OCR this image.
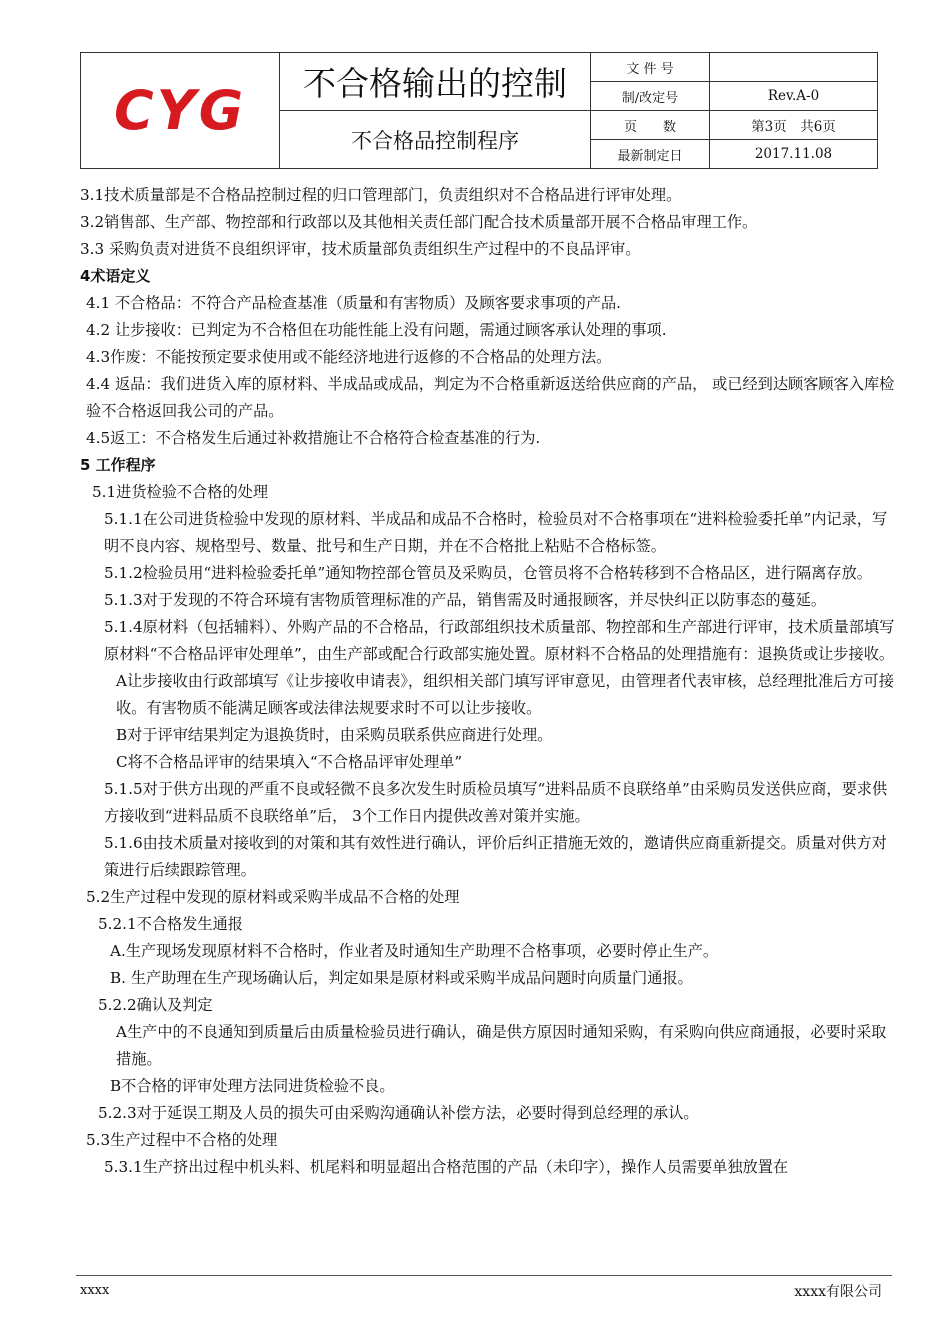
CYG	不合格输出的控制	文 件 号	
		制/改定号	Rev.A-0
	不合格品控制程序	页　　数	第3页　共6页
		最新制定日	2017.11.08

3.1技术质量部是不合格品控制过程的归口管理部门，负责组织对不合格品进行评审处理。

3.2销售部、生产部、物控部和行政部以及其他相关责任部门配合技术质量部开展不合格品审理工作。

3.3 采购负责对进货不良组织评审，技术质量部负责组织生产过程中的不良品评审。

4术语定义

4.1 不合格品：不符合产品检查基准（质量和有害物质）及顾客要求事项的产品.

4.2 让步接收：已判定为不合格但在功能性能上没有问题，需通过顾客承认处理的事项.

4.3作废：不能按预定要求使用或不能经济地进行返修的不合格品的处理方法。

4.4 返品：我们进货入库的原材料、半成品或成品，判定为不合格重新返送给供应商的产品， 或已经到达顾客顾客入库检验不合格返回我公司的产品。

4.5返工：不合格发生后通过补救措施让不合格符合检查基准的行为.

5 工作程序

5.1进货检验不合格的处理

5.1.1在公司进货检验中发现的原材料、半成品和成品不合格时，检验员对不合格事项在“进料检验委托单”内记录，写明不良内容、规格型号、数量、批号和生产日期，并在不合格批上粘贴不合格标签。

5.1.2检验员用“进料检验委托单”通知物控部仓管员及采购员，仓管员将不合格转移到不合格品区，进行隔离存放。

5.1.3对于发现的不符合环境有害物质管理标准的产品，销售需及时通报顾客，并尽快纠正以防事态的蔓延。

5.1.4原材料（包括辅料）、外购产品的不合格品，行政部组织技术质量部、物控部和生产部进行评审，技术质量部填写原材料“不合格品评审处理单”，由生产部或配合行政部实施处置。原材料不合格品的处理措施有：退换货或让步接收。

A让步接收由行政部填写《让步接收申请表》，组织相关部门填写评审意见，由管理者代表审核，总经理批准后方可接收。有害物质不能满足顾客或法律法规要求时不可以让步接收。

B对于评审结果判定为退换货时，由采购员联系供应商进行处理。

C将不合格品评审的结果填入“不合格品评审处理单”

5.1.5对于供方出现的严重不良或轻微不良多次发生时质检员填写“进料品质不良联络单”由采购员发送供应商，要求供方接收到“进料品质不良联络单”后， 3个工作日内提供改善对策并实施。

5.1.6由技术质量对接收到的对策和其有效性进行确认，评价后纠正措施无效的，邀请供应商重新提交。质量对供方对策进行后续跟踪管理。

5.2生产过程中发现的原材料或采购半成品不合格的处理

5.2.1不合格发生通报

A.生产现场发现原材料不合格时，作业者及时通知生产助理不合格事项，必要时停止生产。

B. 生产助理在生产现场确认后，判定如果是原材料或采购半成品问题时向质量门通报。

5.2.2确认及判定

A生产中的不良通知到质量后由质量检验员进行确认，确是供方原因时通知采购，有采购向供应商通报，必要时采取措施。

B不合格的评审处理方法同进货检验不良。

5.2.3对于延误工期及人员的损失可由采购沟通确认补偿方法，必要时得到总经理的承认。

5.3生产过程中不合格的处理

5.3.1生产挤出过程中机头料、机尾料和明显超出合格范围的产品（未印字），操作人员需要单独放置在

xxxx	xxxx有限公司
